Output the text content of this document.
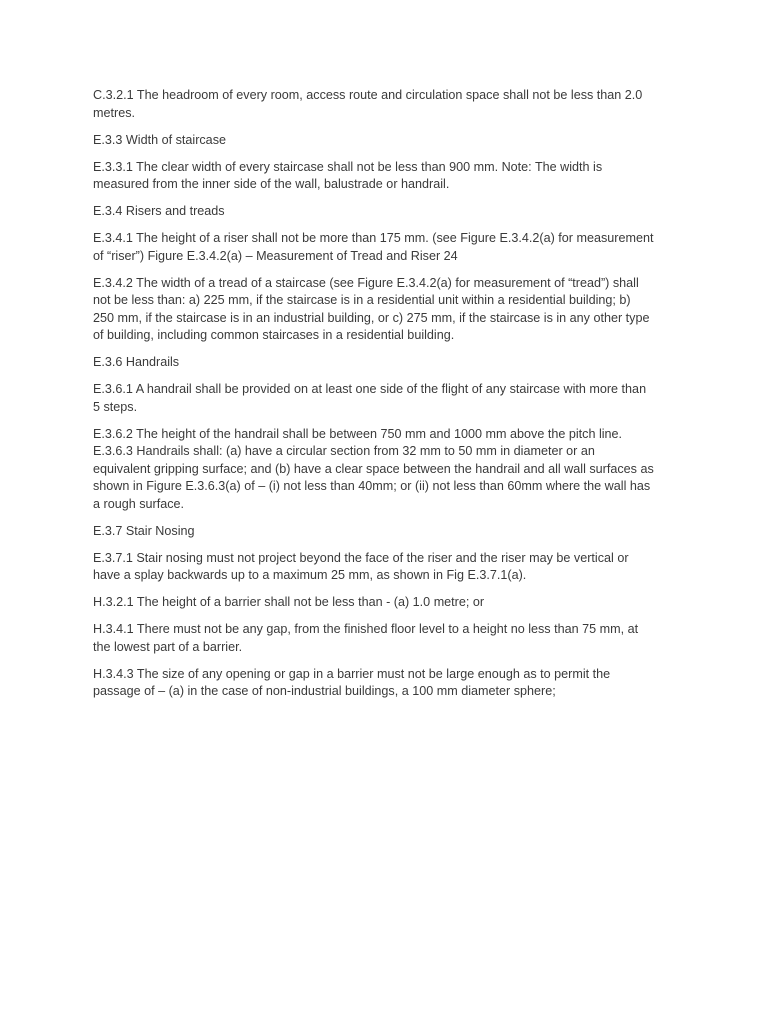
C.3.2.1 The headroom of every room, access route and circulation space shall not be less than 2.0
metres.

E.3.3 Width of staircase

E.3.3.1 The clear width of every staircase shall not be less than 900 mm. Note: The width is
measured from the inner side of the wall, balustrade or handrail.

E.3.4 Risers and treads

E.3.4.1 The height of a riser shall not be more than 175 mm. (see Figure E.3.4.2(a) for measurement
of “riser”) Figure E.3.4.2(a) – Measurement of Tread and Riser 24

E.3.4.2 The width of a tread of a staircase (see Figure E.3.4.2(a) for measurement of “tread”) shall
not be less than: a) 225 mm, if the staircase is in a residential unit within a residential building; b)
250 mm, if the staircase is in an industrial building, or c) 275 mm, if the staircase is in any other type
of building, including common staircases in a residential building.

E.3.6 Handrails

E.3.6.1 A handrail shall be provided on at least one side of the flight of any staircase with more than
5 steps.

E.3.6.2 The height of the handrail shall be between 750 mm and 1000 mm above the pitch line.
E.3.6.3 Handrails shall: (a) have a circular section from 32 mm to 50 mm in diameter or an
equivalent gripping surface; and (b) have a clear space between the handrail and all wall surfaces as
shown in Figure E.3.6.3(a) of – (i) not less than 40mm; or (ii) not less than 60mm where the wall has
a rough surface.

E.3.7 Stair Nosing

E.3.7.1 Stair nosing must not project beyond the face of the riser and the riser may be vertical or
have a splay backwards up to a maximum 25 mm, as shown in Fig E.3.7.1(a).

H.3.2.1 The height of a barrier shall not be less than - (a) 1.0 metre; or

H.3.4.1 There must not be any gap, from the finished floor level to a height no less than 75 mm, at
the lowest part of a barrier.

H.3.4.3 The size of any opening or gap in a barrier must not be large enough as to permit the
passage of – (a) in the case of non-industrial buildings, a 100 mm diameter sphere;
